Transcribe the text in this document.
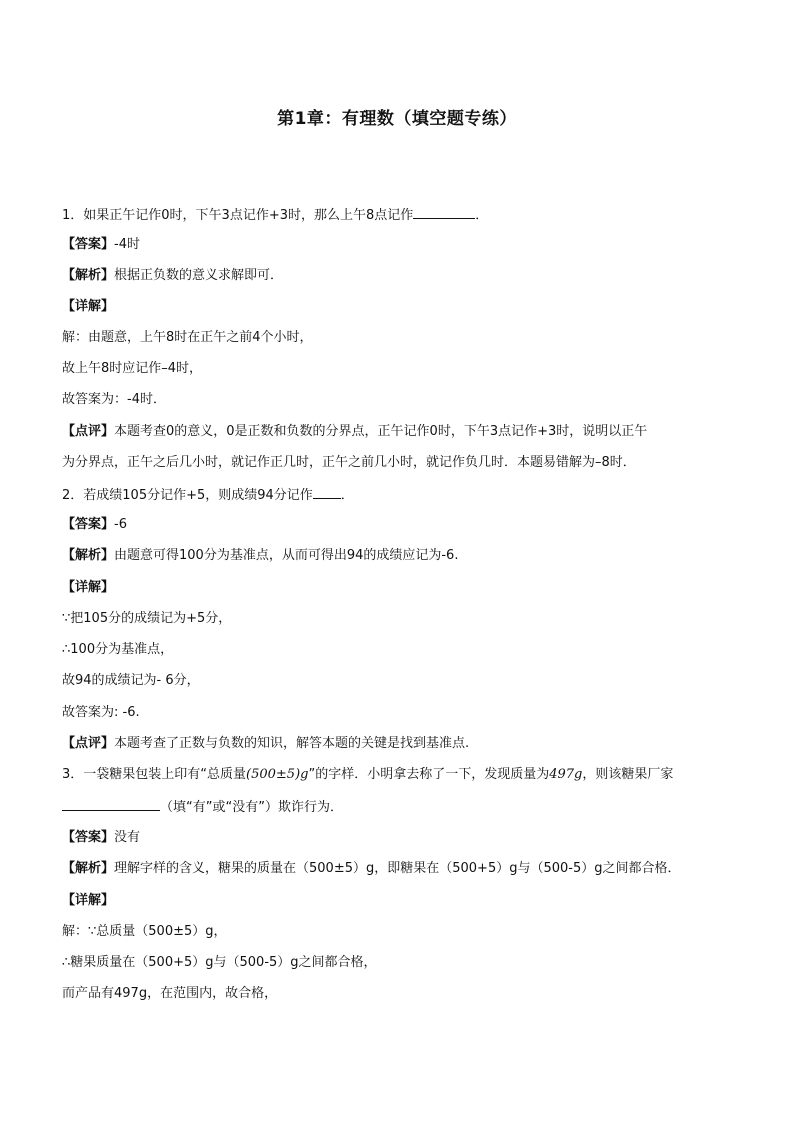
第1章：有理数（填空题专练）
1．如果正午记作0时，下午3点记作+3时，那么上午8点记作	．
【答案】-4时
【解析】根据正负数的意义求解即可．
【详解】
解：由题意，上午8时在正午之前4个小时，
故上午8时应记作–4时，
故答案为：-4时．
【点评】本题考查0的意义，0是正数和负数的分界点，正午记作0时，下午3点记作+3时，说明以正午
为分界点，正午之后几小时，就记作正几时，正午之前几小时，就记作负几时．本题易错解为–8时．
2．若成绩105分记作+5，则成绩94分记作 ．
【答案】-6
【解析】由题意可得100分为基准点，从而可得出94的成绩应记为-6.
【详解】
∵把105分的成绩记为+5分，
∴100分为基准点，
故94的成绩记为- 6分，
故答案为: -6.
【点评】本题考查了正数与负数的知识，解答本题的关键是找到基准点.
3．一袋糖果包装上印有“总质量(500±5)g”的字样．小明拿去称了一下，发现质量为497g，则该糖果厂家
（填“有”或“没有”）欺诈行为．
【答案】没有
【解析】理解字样的含义，糖果的质量在（500±5）g，即糖果在（500+5）g与（500-5）g之间都合格．
【详解】
解：∵总质量（500±5）g，
∴糖果质量在（500+5）g与（500-5）g之间都合格，
而产品有497g，在范围内，故合格，
